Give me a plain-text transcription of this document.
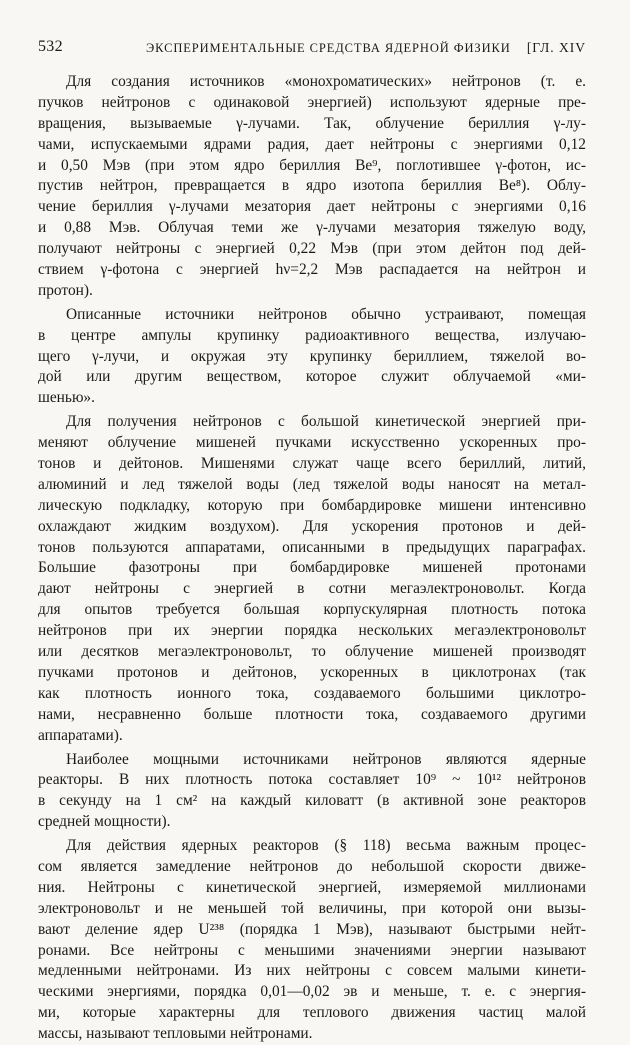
532	ЭКСПЕРИМЕНТАЛЬНЫЕ СРЕДСТВА ЯДЕРНОЙ ФИЗИКИ [ГЛ. XIV
Для создания источников «монохроматических» нейтронов (т. е.
пучков нейтронов с одинаковой энергией) используют ядерные пре-
вращения, вызываемые γ-лучами. Так, облучение бериллия γ-лу-
чами, испускаемыми ядрами радия, дает нейтроны с энергиями 0,12
и 0,50 Мэв (при этом ядро бериллия Be⁹, поглотившее γ-фотон, ис-
пустив нейтрон, превращается в ядро изотопа бериллия Be⁸). Облу-
чение бериллия γ-лучами мезатория дает нейтроны с энергиями 0,16
и 0,88 Мэв. Облучая теми же γ-лучами мезатория тяжелую воду,
получают нейтроны с энергией 0,22 Мэв (при этом дейтон под дей-
ствием γ-фотона с энергией hν=2,2 Мэв распадается на нейтрон и
протон).
Описанные источники нейтронов обычно устраивают, помещая
в центре ампулы крупинку радиоактивного вещества, излучаю-
щего γ-лучи, и окружая эту крупинку бериллием, тяжелой во-
дой или другим веществом, которое служит облучаемой «ми-
шенью».
Для получения нейтронов с большой кинетической энергией при-
меняют облучение мишеней пучками искусственно ускоренных про-
тонов и дейтонов. Мишенями служат чаще всего бериллий, литий,
алюминий и лед тяжелой воды (лед тяжелой воды наносят на метал-
лическую подкладку, которую при бомбардировке мишени интенсивно
охлаждают жидким воздухом). Для ускорения протонов и дей-
тонов пользуются аппаратами, описанными в предыдущих параграфах.
Большие фазотроны при бомбардировке мишеней протонами
дают нейтроны с энергией в сотни мегаэлектроновольт. Когда
для опытов требуется большая корпускулярная плотность потока
нейтронов при их энергии порядка нескольких мегаэлектроновольт
или десятков мегаэлектроновольт, то облучение мишеней производят
пучками протонов и дейтонов, ускоренных в циклотронах (так
как плотность ионного тока, создаваемого большими циклотро-
нами, несравненно больше плотности тока, создаваемого другими
аппаратами).
Наиболее мощными источниками нейтронов являются ядерные
реакторы. В них плотность потока составляет 10⁹ ~ 10¹² нейтронов
в секунду на 1 см² на каждый киловатт (в активной зоне реакторов
средней мощности).
Для действия ядерных реакторов (§ 118) весьма важным процес-
сом является замедление нейтронов до небольшой скорости движе-
ния. Нейтроны с кинетической энергией, измеряемой миллионами
электроновольт и не меньшей той величины, при которой они вызы-
вают деление ядер U²³⁸ (порядка 1 Мэв), называют быстрыми нейт-
ронами. Все нейтроны с меньшими значениями энергии называют
медленными нейтронами. Из них нейтроны с совсем малыми кинети-
ческими энергиями, порядка 0,01—0,02 эв и меньше, т. е. с энергия-
ми, которые характерны для теплового движения частиц малой
массы, называют тепловыми нейтронами.
